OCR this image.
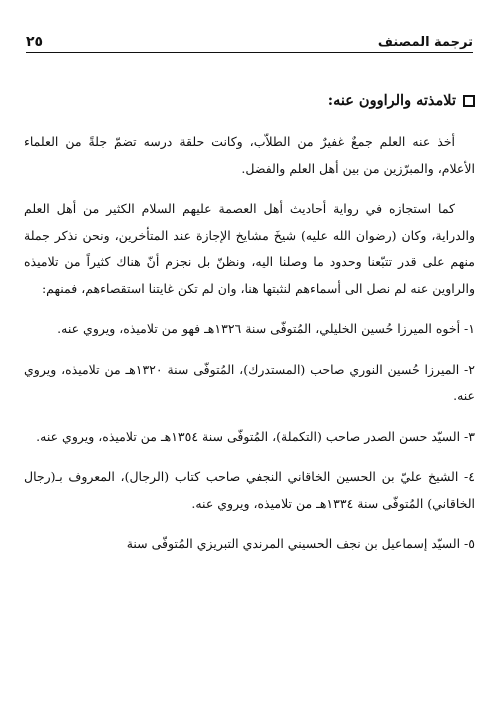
ترجمة المصنف
٢٥
تلامذته والراوون عنه:

أخذ عنه العلم جمعٌ غفيرٌ من الطلاّب، وكانت حلقة درسه تضمّ جلةً من العلماء الأعلام، والمبرّزين من بين أهل العلم والفضل.

كما استجازه في رواية أحاديث أهل العصمة عليهم السلام الكثير من أهل العلم والدراية، وكان (رضوان الله عليه) شيخَ مشايخ الإجازة عند المتأخرين، ونحن نذكر جملة منهم على قدر تتبّعنا وحدود ما وصلنا اليه، ونظنّ بل نجزم أنّ هناك كثيراً من تلاميذه والراوين عنه لم نصل الى أسماءهم لنثبتها هنا، وان لم تكن غايتنا استقصاءهم، فمنهم:

١- أخوه الميرزا حُسين الخليلي، المُتوفّى سنة ١٣٢٦هـ فهو من تلاميذه، ويروي عنه.

٢- الميرزا حُسين النوري صاحب (المستدرك)، المُتوفّى سنة ١٣٢٠هـ من تلاميذه، ويروي عنه.

٣- السيّد حسن الصدر صاحب (التكملة)، المُتوفّى سنة ١٣٥٤هـ من تلاميذه، ويروي عنه.

٤- الشيخ عليّ بن الحسين الخاقاني النجفي صاحب كتاب (الرجال)، المعروف بـ(رجال الخاقاني) المُتوفّى سنة ١٣٣٤هـ من تلاميذه، ويروي عنه.

٥- السيّد إسماعيل بن نجف الحسيني المرندي التبريزي المُتوفّى سنة
